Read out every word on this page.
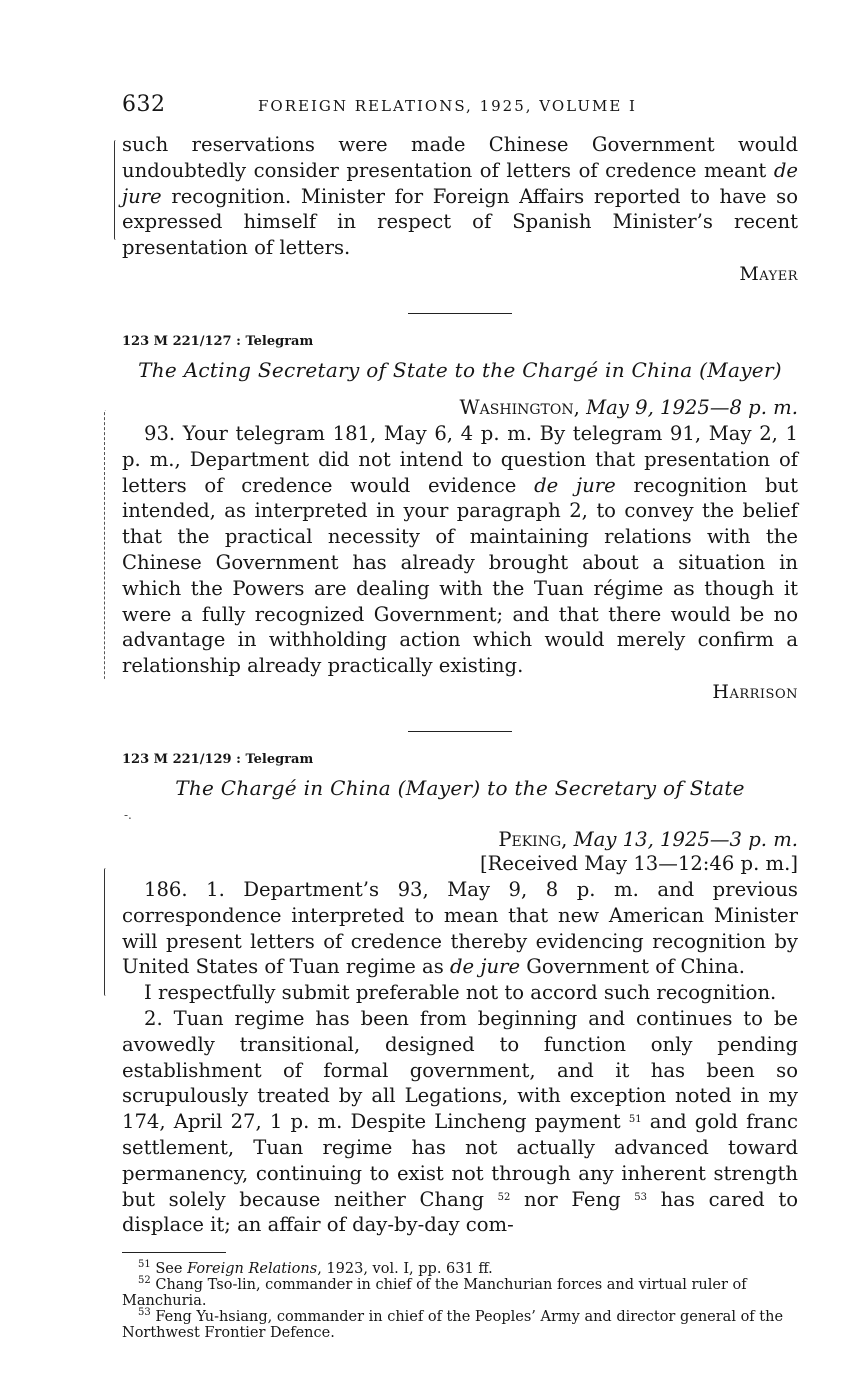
-.
632	FOREIGN RELATIONS, 1925, VOLUME I

such reservations were made Chinese Government would undoubtedly consider presentation of letters of credence meant de jure recognition. Minister for Foreign Affairs reported to have so expressed himself in respect of Spanish Minister’s recent presentation of letters.

Mayer
123 M 221/127 : Telegram
The Acting Secretary of State to the Chargé in China (Mayer)
Washington, May 9, 1925—8 p. m.

93. Your telegram 181, May 6, 4 p. m. By telegram 91, May 2, 1 p. m., Department did not intend to question that presentation of letters of credence would evidence de jure recognition but intended, as interpreted in your paragraph 2, to convey the belief that the practical necessity of maintaining relations with the Chinese Government has already brought about a situation in which the Powers are dealing with the Tuan régime as though it were a fully recognized Government; and that there would be no advantage in withholding action which would merely confirm a relationship already practically existing.

Harrison
123 M 221/129 : Telegram
The Chargé in China (Mayer) to the Secretary of State
Peking, May 13, 1925—3 p. m.
[Received May 13—12:46 p. m.]

186. 1. Department’s 93, May 9, 8 p. m. and previous correspondence interpreted to mean that new American Minister will present letters of credence thereby evidencing recognition by United States of Tuan regime as de jure Government of China.

I respectfully submit preferable not to accord such recognition.

2. Tuan regime has been from beginning and continues to be avowedly transitional, designed to function only pending establishment of formal government, and it has been so scrupulously treated by all Legations, with exception noted in my 174, April 27, 1 p. m. Despite Lincheng payment $^{51}$ and gold franc settlement, Tuan regime has not actually advanced toward permanency, continuing to exist not through any inherent strength but solely because neither Chang $^{52}$ nor Feng $^{53}$ has cared to displace it; an affair of day-by-day com-

$^{51}$ See Foreign Relations, 1923, vol. I, pp. 631 ff.

$^{52}$ Chang Tso-lin, commander in chief of the Manchurian forces and virtual ruler of Manchuria.

$^{53}$ Feng Yu-hsiang, commander in chief of the Peoples’ Army and director general of the Northwest Frontier Defence.
